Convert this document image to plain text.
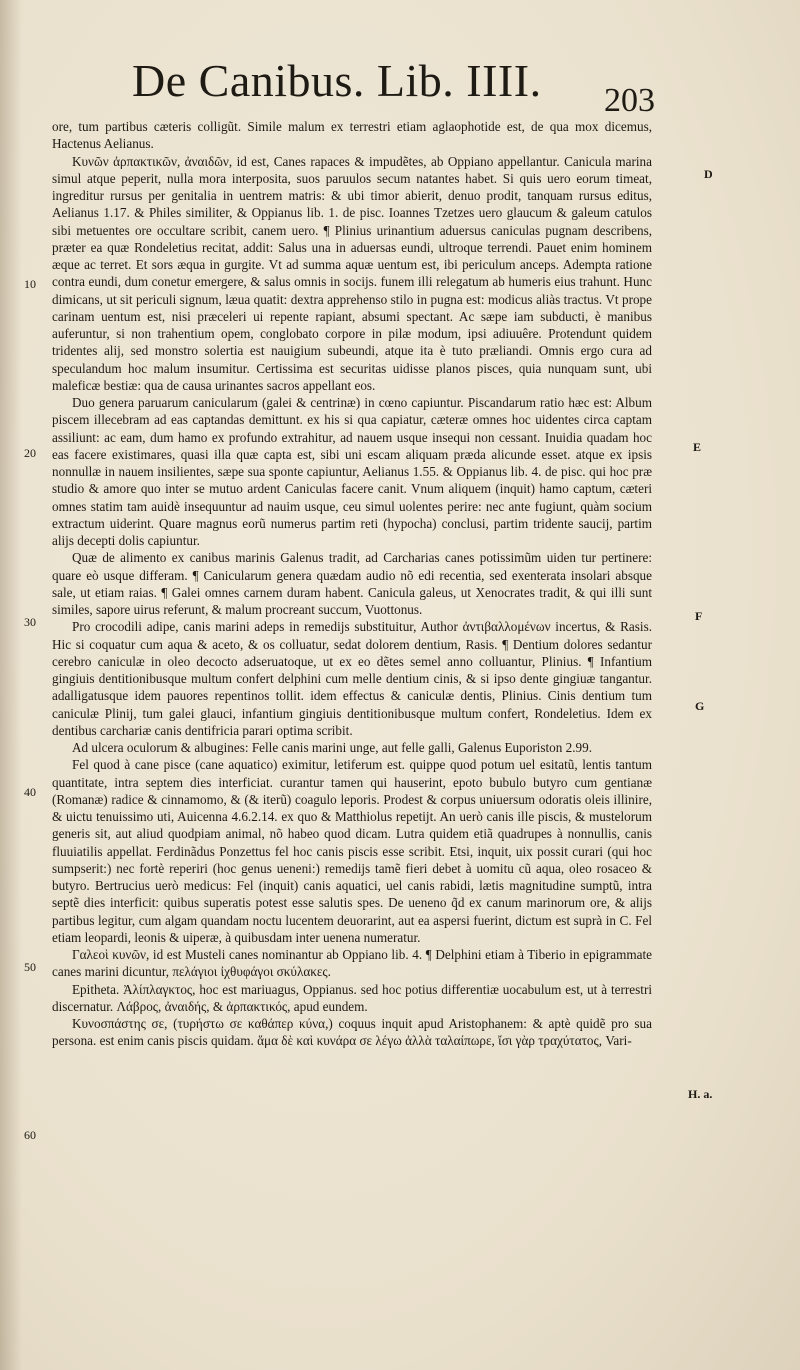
De Canibus. Lib. IIII. 203

ore, tum partibus cæteris colligũt. Simile malum ex terrestri etiam aglaophotide est, de qua mox dicemus, Hactenus Aelianus.

Κυνῶν ἀρπακτικῶν, ἀναιδῶν, id est, Canes rapaces & impudẽtes, ab Oppiano appellantur. Canicula marina simul atque peperit, nulla mora interposita, suos paruulos secum natantes habet. Si quis uero eorum timeat, ingreditur rursus per genitalia in uentrem matris: & ubi timor abierit, denuo prodit, tanquam rursus editus, Aelianus 1.17. & Philes similiter, & Oppianus lib. 1. de pisc. Ioannes Tzetzes uero glaucum & galeum catulos sibi metuentes ore occultare scribit, canem uero. ¶ Plinius urinantium aduersus caniculas pugnam describens, præter ea quæ Rondeletius recitat, addit: Salus una in aduersas eundi, ultroque terrendi. Pauet enim hominem æque ac terret. Et sors æqua in gurgite. Vt ad summa aquæ uentum est, ibi periculum anceps. Adempta ratione contra eundi, dum conetur emergere, & salus omnis in socijs. funem illi relegatum ab humeris eius trahunt. Hunc dimicans, ut sit periculi signum, læua quatit: dextra apprehenso stilo in pugna est: modicus aliàs tractus. Vt prope carinam uentum est, nisi præceleri ui repente rapiant, absumi spectant. Ac sæpe iam subducti, è manibus auferuntur, si non trahentium opem, conglobato corpore in pilæ modum, ipsi adiuuêre. Protendunt quidem tridentes alij, sed monstro solertia est nauigium subeundi, atque ita è tuto præliandi. Omnis ergo cura ad speculandum hoc malum insumitur. Certissima est securitas uidisse planos pisces, quia nunquam sunt, ubi maleficæ bestiæ: qua de causa urinantes sacros appellant eos.

Duo genera paruarum canicularum (galei & centrinæ) in cœno capiuntur. Piscandarum ratio hæc est: Album piscem illecebram ad eas captandas demittunt. ex his si qua capiatur, cæteræ omnes hoc uidentes circa captam assiliunt: ac eam, dum hamo ex profundo extrahitur, ad nauem usque insequi non cessant. Inuidia quadam hoc eas facere existimares, quasi illa quæ capta est, sibi uni escam aliquam præda alicunde esset. atque ex ipsis nonnullæ in nauem insilientes, sæpe sua sponte capiuntur, Aelianus 1.55. & Oppianus lib. 4. de pisc. qui hoc præ studio & amore quo inter se mutuo ardent Caniculas facere canit. Vnum aliquem (inquit) hamo captum, cæteri omnes statim tam auidè insequuntur ad nauim usque, ceu simul uolentes perire: nec ante fugiunt, quàm socium extractum uiderint. Quare magnus eorũ numerus partim reti (hypocha) conclusi, partim tridente saucij, partim alijs decepti dolis capiuntur.

Quæ de alimento ex canibus marinis Galenus tradit, ad Carcharias canes potissimũm uiden tur pertinere: quare eò usque differam. ¶ Canicularum genera quædam audio nõ edi recentia, sed exenterata insolari absque sale, ut etiam raias. ¶ Galei omnes carnem duram habent. Canicula galeus, ut Xenocrates tradit, & qui illi sunt similes, sapore uirus referunt, & malum procreant succum, Vuottonus.

Pro crocodili adipe, canis marini adeps in remedijs substituitur, Author ἀντιβαλλομένων incertus, & Rasis. Hic si coquatur cum aqua & aceto, & os colluatur, sedat dolorem dentium, Rasis. ¶ Dentium dolores sedantur cerebro caniculæ in oleo decocto adseruatoque, ut ex eo dẽtes semel anno colluantur, Plinius. ¶ Infantium gingiuis dentitionibusque multum confert delphini cum melle dentium cinis, & si ipso dente gingiuæ tangantur. adalligatusque idem pauores repentinos tollit. idem effectus & caniculæ dentis, Plinius. Cinis dentium tum caniculæ Plinij, tum galei glauci, infantium gingiuis dentitionibusque multum confert, Rondeletius. Idem ex dentibus carchariæ canis dentifricia parari optima scribit.

Ad ulcera oculorum & albugines: Felle canis marini unge, aut felle galli, Galenus Euporiston 2.99.

Fel quod à cane pisce (cane aquatico) eximitur, letiferum est. quippe quod potum uel esitatũ, lentis tantum quantitate, intra septem dies interficiat. curantur tamen qui hauserint, epoto bubulo butyro cum gentianæ (Romanæ) radice & cinnamomo, & (& iterũ) coagulo leporis. Prodest & corpus uniuersum odoratis oleis illinire, & uictu tenuissimo uti, Auicenna 4.6.2.14. ex quo & Matthiolus repetijt. An uerò canis ille piscis, & mustelorum generis sit, aut aliud quodpiam animal, nõ habeo quod dicam. Lutra quidem etiã quadrupes à nonnullis, canis fluuiatilis appellat. Ferdinãdus Ponzettus fel hoc canis piscis esse scribit. Etsi, inquit, uix possit curari (qui hoc sumpserit:) nec fortè reperiri (hoc genus ueneni:) remedijs tamẽ fieri debet à uomitu cũ aqua, oleo rosaceo & butyro. Bertrucius uerò medicus: Fel (inquit) canis aquatici, uel canis rabidi, lætis magnitudine sumptũ, intra septẽ dies interficit: quibus superatis potest esse salutis spes. De ueneno q̃d ex canum marinorum ore, & alijs partibus legitur, cum algam quandam noctu lucentem deuorarint, aut ea aspersi fuerint, dictum est suprà in C. Fel etiam leopardi, leonis & uiperæ, à quibusdam inter uenena numeratur.

Γαλεοὶ κυνῶν, id est Musteli canes nominantur ab Oppiano lib. 4. ¶ Delphini etiam à Tiberio in epigrammate canes marini dicuntur, πελάγιοι ἰχθυφάγοι σκύλακες.

Epitheta. Ἀλίπλαγκτος, hoc est mariuagus, Oppianus. sed hoc potius differentiæ uocabulum est, ut à terrestri discernatur. Λάβρος, ἀναιδής, & ἀρπακτικός, apud eundem.

Κυνοσπάστης σε, (τυρήστω σε καθάπερ κύνα,) coquus inquit apud Aristophanem: & aptè quidẽ pro sua persona. est enim canis piscis quidam. ἅμα δὲ καὶ κυνάρα σε λέγω ἀλλὰ ταλαίπωρε, ἴσι γὰρ τραχύτατος, Vari-

10
20
30
40
50
60
D
E
F
G
H. a.
